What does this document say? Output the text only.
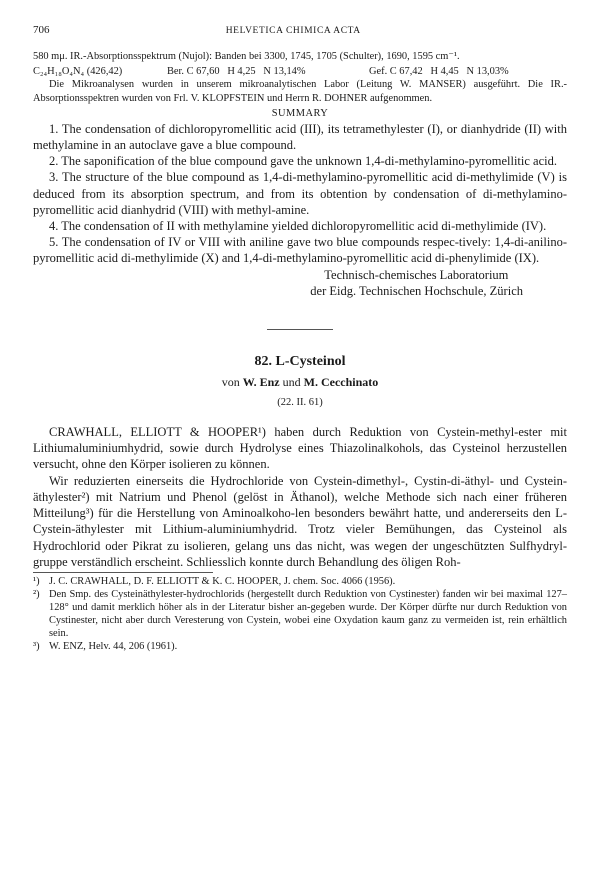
706	HELVETICA CHIMICA ACTA
580 mμ. IR.-Absorptionsspektrum (Nujol): Banden bei 3300, 1745, 1705 (Schulter), 1690, 1595 cm⁻¹.
C₂₄H₁₈O₄N₄ (426,42)	Ber. C 67,60   H 4,25   N 13,14%	Gef. C 67,42   H 4,45   N 13,03%
Die Mikroanalysen wurden in unserem mikroanalytischen Labor (Leitung W. MANSER) ausgeführt. Die IR.-Absorptionsspektren wurden von Frl. V. KLOPFSTEIN und Herrn R. DOHNER aufgenommen.
SUMMARY

1. The condensation of dichloropyromellitic acid (III), its tetramethylester (I), or dianhydride (II) with methylamine in an autoclave gave a blue compound.

2. The saponification of the blue compound gave the unknown 1,4-di-methylamino-pyromellitic acid.

3. The structure of the blue compound as 1,4-di-methylamino-pyromellitic acid di-methylimide (V) is deduced from its absorption spectrum, and from its obtention by condensation of di-methylamino-pyromellitic acid dianhydrid (VIII) with methyl-amine.

4. The condensation of II with methylamine yielded dichloropyromellitic acid di-methylimide (IV).

5. The condensation of IV or VIII with aniline gave two blue compounds respec-tively: 1,4-di-anilino-pyromellitic acid di-methylimide (X) and 1,4-di-methylamino-pyromellitic acid di-phenylimide (IX).

Technisch-chemisches Laboratorium
der Eidg. Technischen Hochschule, Zürich
82. L-Cysteinol
von W. Enz und M. Cecchinato
(22. II. 61)

CRAWHALL, ELLIOTT & HOOPER¹) haben durch Reduktion von Cystein-methyl-ester mit Lithiumaluminiumhydrid, sowie durch Hydrolyse eines Thiazolinalkohols, das Cysteinol herzustellen versucht, ohne den Körper isolieren zu können.

Wir reduzierten einerseits die Hydrochloride von Cystein-dimethyl-, Cystin-di-äthyl- und Cystein-äthylester²) mit Natrium und Phenol (gelöst in Äthanol), welche Methode sich nach einer früheren Mitteilung³) für die Herstellung von Aminoalkoho-len besonders bewährt hatte, und andererseits den L-Cystein-äthylester mit Lithium-aluminiumhydrid. Trotz vieler Bemühungen, das Cysteinol als Hydrochlorid oder Pikrat zu isolieren, gelang uns das nicht, was wegen der ungeschützten Sulfhydryl-gruppe verständlich erscheint. Schliesslich konnte durch Behandlung des öligen Roh-

¹) J. C. CRAWHALL, D. F. ELLIOTT & K. C. HOOPER, J. chem. Soc. 4066 (1956).
²) Den Smp. des Cysteinäthylester-hydrochlorids (hergestellt durch Reduktion von Cystinester) fanden wir bei maximal 127–128° und damit merklich höher als in der Literatur bisher an-gegeben wurde. Der Körper dürfte nur durch Reduktion von Cystinester, nicht aber durch Veresterung von Cystein, wobei eine Oxydation kaum ganz zu vermeiden ist, rein erhältlich sein.
³) W. ENZ, Helv. 44, 206 (1961).
